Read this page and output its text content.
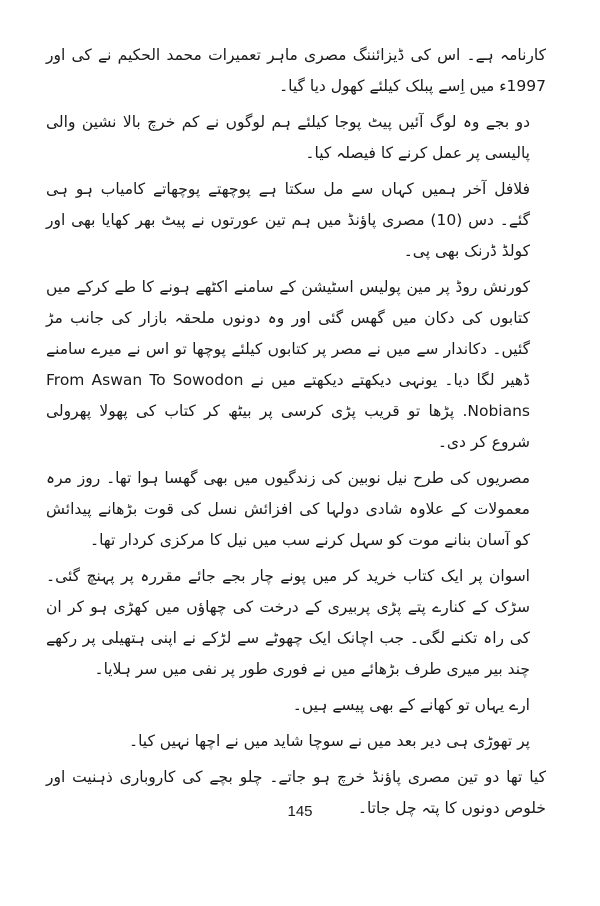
کارنامہ ہے۔ اس کی ڈیزائننگ مصری ماہر تعمیرات محمد الحکیم نے کی اور 1997ء میں اِسے پبلک کیلئے کھول دیا گیا۔

دو بجے وہ لوگ آئیں پیٹ پوجا کیلئے ہم لوگوں نے کم خرچ بالا نشین والی پالیسی پر عمل کرنے کا فیصلہ کیا۔

فلافل آخر ہمیں کہاں سے مل سکتا ہے پوچھتے پوچھاتے کامیاب ہو ہی گئے۔ دس (10) مصری پاؤنڈ میں ہم تین عورتوں نے پیٹ بھر کھایا بھی اور کولڈ ڈرنک بھی پی۔

کورنش روڈ پر مین پولیس اسٹیشن کے سامنے اکٹھے ہونے کا طے کرکے میں کتابوں کی دکان میں گھس گئی اور وہ دونوں ملحقہ بازار کی جانب مڑ گئیں۔ دکاندار سے میں نے مصر پر کتابوں کیلئے پوچھا تو اس نے میرے سامنے ڈھیر لگا دیا۔ یونہی دیکھتے دیکھتے میں نے From Aswan To Sowodon Nobians. پڑھا تو قریب پڑی کرسی پر بیٹھ کر کتاب کی پھولا پھرولی شروع کر دی۔

مصریوں کی طرح نیل نوبین کی زندگیوں میں بھی گھسا ہوا تھا۔ روز مرہ معمولات کے علاوہ شادی دولہا کی افزائش نسل کی قوت بڑھانے پیدائش کو آسان بنانے موت کو سہل کرنے سب میں نیل کا مرکزی کردار تھا۔

اسوان پر ایک کتاب خرید کر میں پونے چار بجے جائے مقررہ پر پہنچ گئی۔ سڑک کے کنارے پتے پڑی پربیری کے درخت کی چھاؤں میں کھڑی ہو کر ان کی راہ تکنے لگی۔ جب اچانک ایک چھوٹے سے لڑکے نے اپنی ہتھیلی پر رکھے چند بیر میری طرف بڑھائے میں نے فوری طور پر نفی میں سر ہلایا۔

ارے یہاں تو کھانے کے بھی پیسے ہیں۔

پر تھوڑی ہی دیر بعد میں نے سوچا شاید میں نے اچھا نہیں کیا۔

کیا تھا دو تین مصری پاؤنڈ خرچ ہو جاتے۔ چلو بچے کی کاروباری ذہنیت اور خلوص دونوں کا پتہ چل جاتا۔

145
